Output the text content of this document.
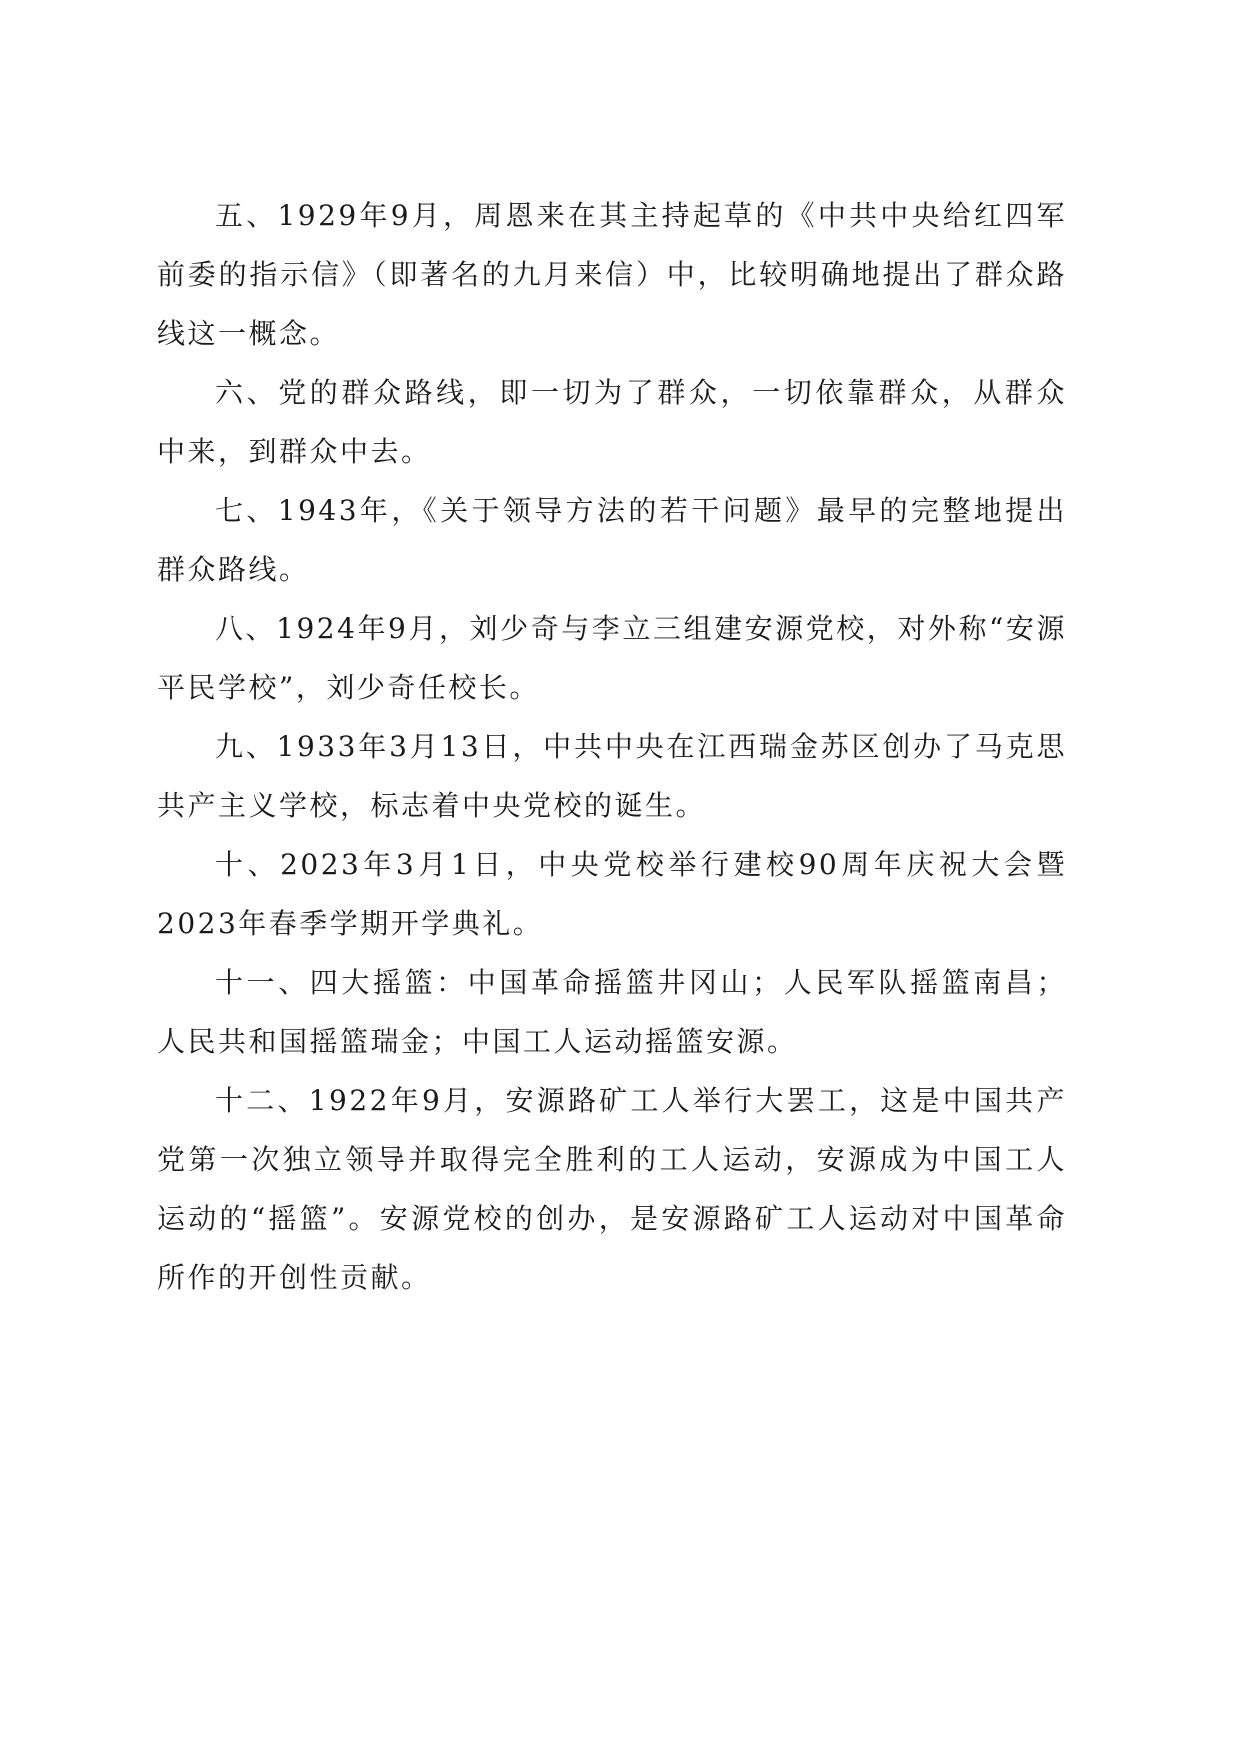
五、1929年9月，周恩来在其主持起草的《中共中央给红四军前委的指示信》（即著名的九月来信）中，比较明确地提出了群众路线这一概念。

六、党的群众路线，即一切为了群众，一切依靠群众，从群众中来，到群众中去。

七、1943年，《关于领导方法的若干问题》最早的完整地提出群众路线。

八、1924年9月，刘少奇与李立三组建安源党校，对外称“安源平民学校”，刘少奇任校长。

九、1933年3月13日，中共中央在江西瑞金苏区创办了马克思共产主义学校，标志着中央党校的诞生。

十、2023年3月1日，中央党校举行建校90周年庆祝大会暨2023年春季学期开学典礼。

十一、四大摇篮：中国革命摇篮井冈山；人民军队摇篮南昌；人民共和国摇篮瑞金；中国工人运动摇篮安源。

十二、1922年9月，安源路矿工人举行大罢工，这是中国共产党第一次独立领导并取得完全胜利的工人运动，安源成为中国工人运动的“摇篮”。安源党校的创办，是安源路矿工人运动对中国革命所作的开创性贡献。
